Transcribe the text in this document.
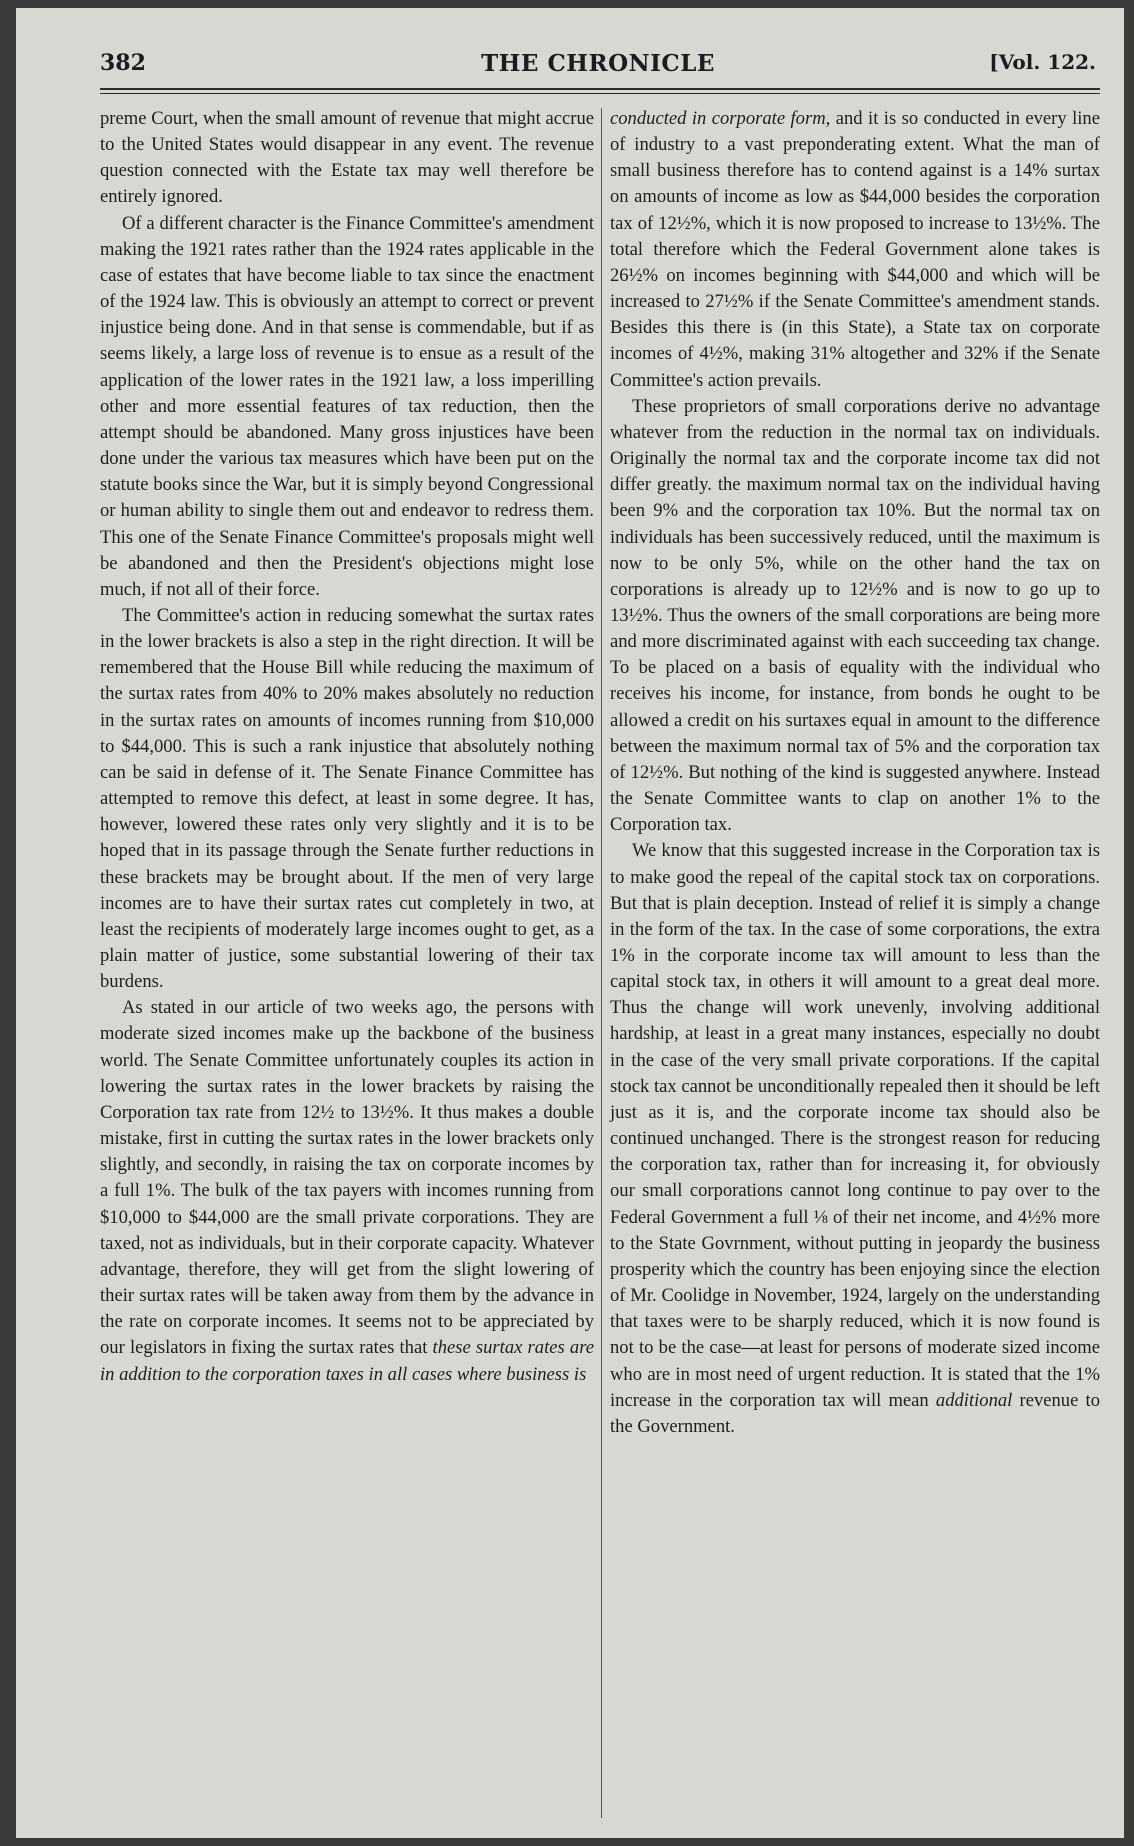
382	THE CHRONICLE	[Vol. 122.

preme Court, when the small amount of revenue that might accrue to the United States would disappear in any event. The revenue question connected with the Estate tax may well therefore be entirely ignored.

Of a different character is the Finance Committee's amendment making the 1921 rates rather than the 1924 rates applicable in the case of estates that have become liable to tax since the enactment of the 1924 law. This is obviously an attempt to correct or prevent injustice being done. And in that sense is commendable, but if as seems likely, a large loss of revenue is to ensue as a result of the application of the lower rates in the 1921 law, a loss imperilling other and more essential features of tax reduction, then the attempt should be abandoned. Many gross injustices have been done under the various tax measures which have been put on the statute books since the War, but it is simply beyond Congressional or human ability to single them out and endeavor to redress them. This one of the Senate Finance Committee's proposals might well be abandoned and then the President's objections might lose much, if not all of their force.

The Committee's action in reducing somewhat the surtax rates in the lower brackets is also a step in the right direction. It will be remembered that the House Bill while reducing the maximum of the surtax rates from 40% to 20% makes absolutely no reduction in the surtax rates on amounts of incomes running from $10,000 to $44,000. This is such a rank injustice that absolutely nothing can be said in defense of it. The Senate Finance Committee has attempted to remove this defect, at least in some degree. It has, however, lowered these rates only very slightly and it is to be hoped that in its passage through the Senate further reductions in these brackets may be brought about. If the men of very large incomes are to have their surtax rates cut completely in two, at least the recipients of moderately large incomes ought to get, as a plain matter of justice, some substantial lowering of their tax burdens.

As stated in our article of two weeks ago, the persons with moderate sized incomes make up the backbone of the business world. The Senate Committee unfortunately couples its action in lowering the surtax rates in the lower brackets by raising the Corporation tax rate from 12½ to 13½%. It thus makes a double mistake, first in cutting the surtax rates in the lower brackets only slightly, and secondly, in raising the tax on corporate incomes by a full 1%. The bulk of the tax payers with incomes running from $10,000 to $44,000 are the small private corporations. They are taxed, not as individuals, but in their corporate capacity. Whatever advantage, therefore, they will get from the slight lowering of their surtax rates will be taken away from them by the advance in the rate on corporate incomes. It seems not to be appreciated by our legislators in fixing the surtax rates that these surtax rates are in addition to the corporation taxes in all cases where business is

conducted in corporate form, and it is so conducted in every line of industry to a vast preponderating extent. What the man of small business therefore has to contend against is a 14% surtax on amounts of income as low as $44,000 besides the corporation tax of 12½%, which it is now proposed to increase to 13½%. The total therefore which the Federal Government alone takes is 26½% on incomes beginning with $44,000 and which will be increased to 27½% if the Senate Committee's amendment stands. Besides this there is (in this State), a State tax on corporate incomes of 4½%, making 31% altogether and 32% if the Senate Committee's action prevails.

These proprietors of small corporations derive no advantage whatever from the reduction in the normal tax on individuals. Originally the normal tax and the corporate income tax did not differ greatly. the maximum normal tax on the individual having been 9% and the corporation tax 10%. But the normal tax on individuals has been successively reduced, until the maximum is now to be only 5%, while on the other hand the tax on corporations is already up to 12½% and is now to go up to 13½%. Thus the owners of the small corporations are being more and more discriminated against with each succeeding tax change. To be placed on a basis of equality with the individual who receives his income, for instance, from bonds he ought to be allowed a credit on his surtaxes equal in amount to the difference between the maximum normal tax of 5% and the corporation tax of 12½%. But nothing of the kind is suggested anywhere. Instead the Senate Committee wants to clap on another 1% to the Corporation tax.

We know that this suggested increase in the Corporation tax is to make good the repeal of the capital stock tax on corporations. But that is plain deception. Instead of relief it is simply a change in the form of the tax. In the case of some corporations, the extra 1% in the corporate income tax will amount to less than the capital stock tax, in others it will amount to a great deal more. Thus the change will work unevenly, involving additional hardship, at least in a great many instances, especially no doubt in the case of the very small private corporations. If the capital stock tax cannot be unconditionally repealed then it should be left just as it is, and the corporate income tax should also be continued unchanged. There is the strongest reason for reducing the corporation tax, rather than for increasing it, for obviously our small corporations cannot long continue to pay over to the Federal Government a full ⅛ of their net income, and 4½% more to the State Govrnment, without putting in jeopardy the business prosperity which the country has been enjoying since the election of Mr. Coolidge in November, 1924, largely on the understanding that taxes were to be sharply reduced, which it is now found is not to be the case—at least for persons of moderate sized income who are in most need of urgent reduction. It is stated that the 1% increase in the corporation tax will mean additional revenue to the Government.
